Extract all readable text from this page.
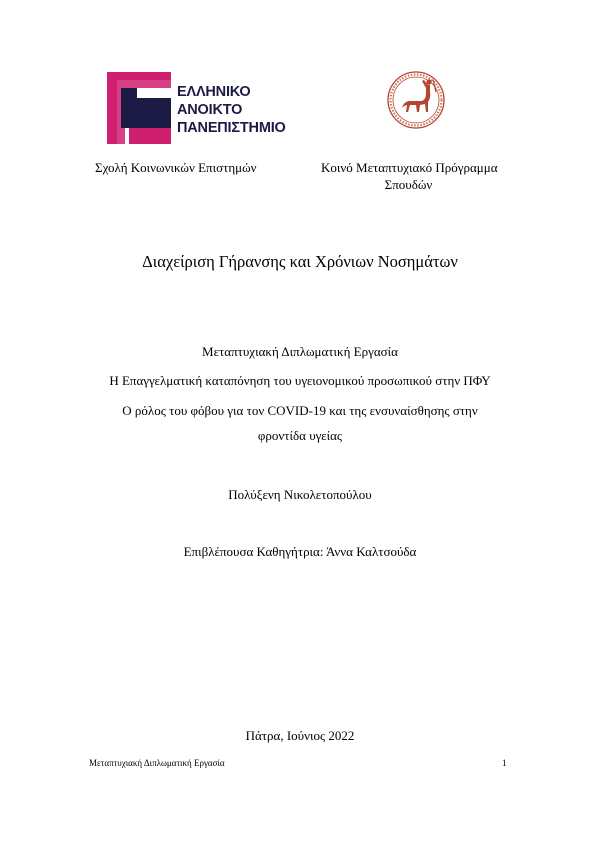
ΕΛΛΗΝΙΚΟ
ΑΝΟΙΚΤΟ
ΠΑΝΕΠΙΣΤΗΜΙΟ
Σχολή Κοινωνικών Επιστημών	Κοινό Μεταπτυχιακό Πρόγραμμα
Σπουδών
Διαχείριση Γήρανσης και Χρόνιων Νοσημάτων
Μεταπτυχιακή Διπλωματική Εργασία
Η Επαγγελματική καταπόνηση του υγειονομικού προσωπικού στην ΠΦΥ
Ο ρόλος του φόβου για τον COVID-19 και της ενσυναίσθησης στην
φροντίδα υγείας
Πολύξενη Νικολετοπούλου
Επιβλέπουσα Καθηγήτρια: Άννα Καλτσούδα
Πάτρα, Ιούνιος 2022
Μεταπτυχιακή Διπλωματική Εργασία	1
